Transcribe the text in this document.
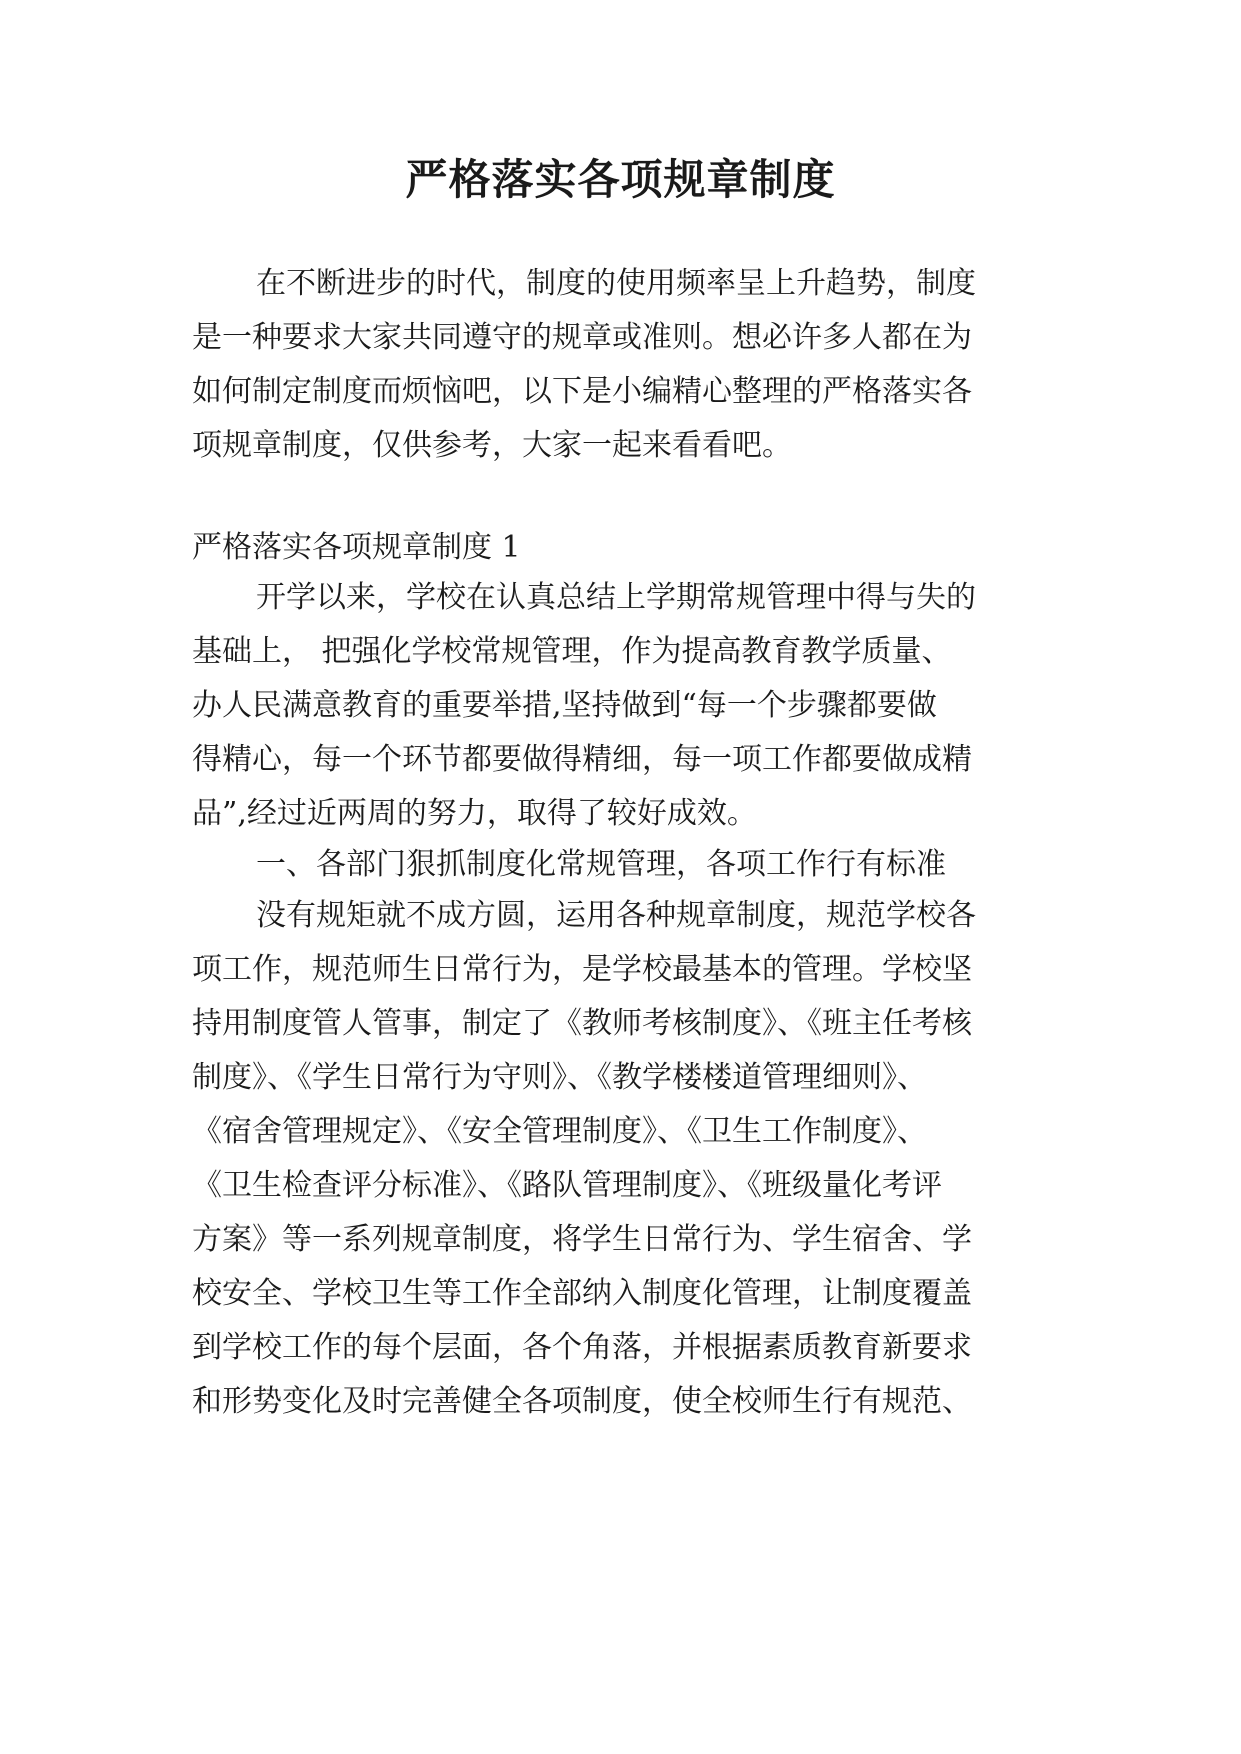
严格落实各项规章制度

在不断进步的时代，制度的使用频率呈上升趋势，制度

是一种要求大家共同遵守的规章或准则。想必许多人都在为

如何制定制度而烦恼吧，以下是小编精心整理的严格落实各

项规章制度，仅供参考，大家一起来看看吧。

严格落实各项规章制度 1

开学以来，学校在认真总结上学期常规管理中得与失的

基础上， 把强化学校常规管理，作为提高教育教学质量、

办人民满意教育的重要举措,坚持做到“每一个步骤都要做

得精心，每一个环节都要做得精细，每一项工作都要做成精

品”,经过近两周的努力，取得了较好成效。

一、各部门狠抓制度化常规管理，各项工作行有标准

没有规矩就不成方圆，运用各种规章制度，规范学校各

项工作，规范师生日常行为，是学校最基本的管理。学校坚

持用制度管人管事，制定了《教师考核制度》、《班主任考核

制度》、《学生日常行为守则》、《教学楼楼道管理细则》、

《宿舍管理规定》、《安全管理制度》、《卫生工作制度》、

《卫生检查评分标准》、《路队管理制度》、《班级量化考评

方案》等一系列规章制度，将学生日常行为、学生宿舍、学

校安全、学校卫生等工作全部纳入制度化管理，让制度覆盖

到学校工作的每个层面，各个角落，并根据素质教育新要求

和形势变化及时完善健全各项制度，使全校师生行有规范、
